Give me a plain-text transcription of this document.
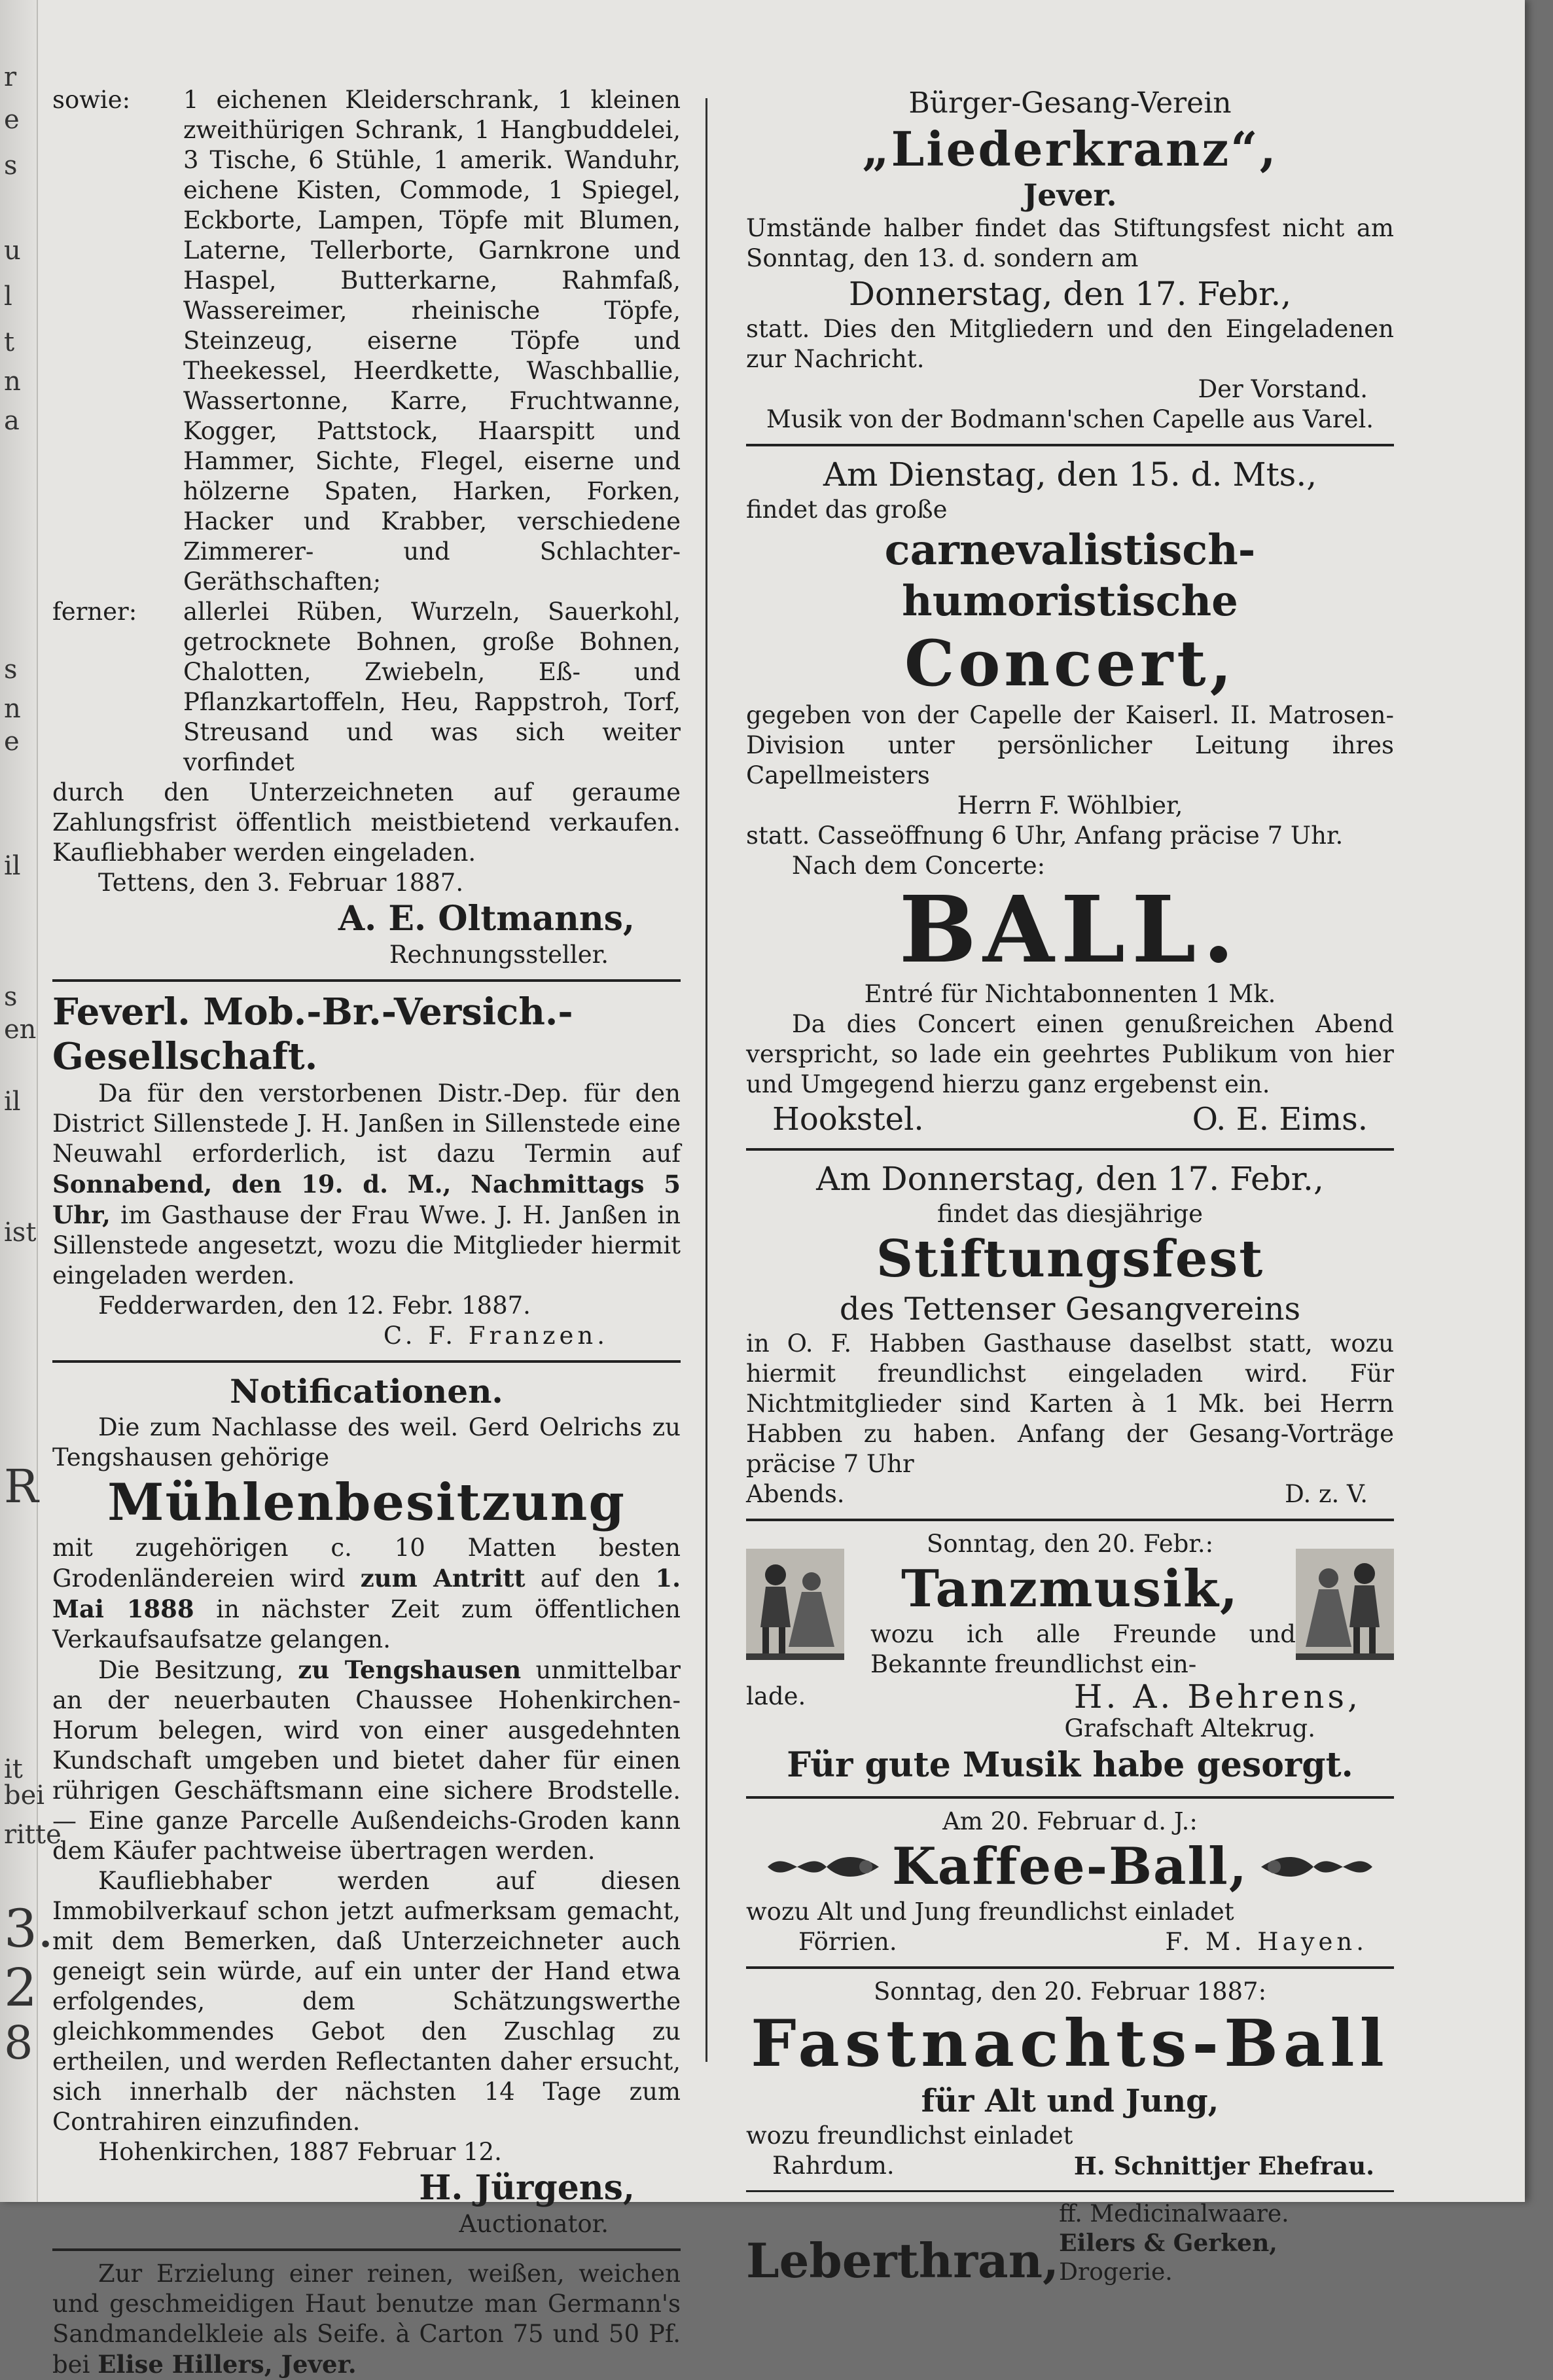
r
e
s
u
l
t
n
a
s
n
e
il
s
en
il
ist
R
it
bei
ritte
3.
2
8
sowie:	1 eichenen Kleiderschrank, 1 kleinen zweithürigen Schrank, 1 Hangbuddelei, 3 Tische, 6 Stühle, 1 amerik. Wanduhr, eichene Kisten, Commode, 1 Spiegel, Eckborte, Lampen, Töpfe mit Blumen, Laterne, Tellerborte, Garnkrone und Haspel, Butterkarne, Rahmfaß, Wassereimer, rheinische Töpfe, Steinzeug, eiserne Töpfe und Theekessel, Heerdkette, Waschballie, Wassertonne, Karre, Fruchtwanne, Kogger, Pattstock, Haarspitt und Hammer, Sichte, Flegel, eiserne und hölzerne Spaten, Harken, Forken, Hacker und Krabber, verschiedene Zimmerer- und Schlachter-Geräthschaften;

ferner:	allerlei Rüben, Wurzeln, Sauerkohl, getrocknete Bohnen, große Bohnen, Chalotten, Zwiebeln, Eß- und Pflanzkartoffeln, Heu, Rappstroh, Torf, Streusand und was sich weiter vorfindet

durch den Unterzeichneten auf geraume Zahlungsfrist öffentlich meistbietend verkaufen. Kaufliebhaber werden eingeladen.

Tettens, den 3. Februar 1887.

A. E. Oltmanns,
Rechnungssteller.
Feverl. Mob.-Br.-Versich.-Gesellschaft.

Da für den verstorbenen Distr.-Dep. für den District Sillenstede J. H. Janßen in Sillenstede eine Neuwahl erforderlich, ist dazu Termin auf Sonnabend, den 19. d. M., Nachmittags 5 Uhr, im Gasthause der Frau Wwe. J. H. Janßen in Sillenstede angesetzt, wozu die Mitglieder hiermit eingeladen werden.

Fedderwarden, den 12. Febr. 1887.

C. F. Franzen.
Notificationen.

Die zum Nachlasse des weil. Gerd Oelrichs zu Tengshausen gehörige

Mühlenbesitzung

mit zugehörigen c. 10 Matten besten Grodenländereien wird zum Antritt auf den 1. Mai 1888 in nächster Zeit zum öffentlichen Verkaufsaufsatze gelangen.

Die Besitzung, zu Tengshausen unmittelbar an der neuerbauten Chaussee Hohenkirchen-Horum belegen, wird von einer ausgedehnten Kundschaft umgeben und bietet daher für einen rührigen Geschäftsmann eine sichere Brodstelle. — Eine ganze Parcelle Außendeichs-Groden kann dem Käufer pachtweise übertragen werden.

Kaufliebhaber werden auf diesen Immobilverkauf schon jetzt aufmerksam gemacht, mit dem Bemerken, daß Unterzeichneter auch geneigt sein würde, auf ein unter der Hand etwa erfolgendes, dem Schätzungswerthe gleichkommendes Gebot den Zuschlag zu ertheilen, und werden Reflectanten daher ersucht, sich innerhalb der nächsten 14 Tage zum Contrahiren einzufinden.

Hohenkirchen, 1887 Februar 12.

H. Jürgens,
Auctionator.

Zur Erzielung einer reinen, weißen, weichen und geschmeidigen Haut benutze man Germann's Sandmandelkleie als Seife. à Carton 75 und 50 Pf. bei Elise Hillers, Jever.

Bürger-Gesang-Verein
„Liederkranz“,
Jever.

Umstände halber findet das Stiftungsfest nicht am Sonntag, den 13. d. sondern am

Donnerstag, den 17. Febr.,

statt. Dies den Mitgliedern und den Eingeladenen zur Nachricht.

Der Vorstand.

Musik von der Bodmann'schen Capelle aus Varel.

Am Dienstag, den 15. d. Mts.,

findet das große

carnevalistisch-humoristische
Concert,

gegeben von der Capelle der Kaiserl. II. Matrosen-Division unter persönlicher Leitung ihres Capellmeisters

Herrn F. Wöhlbier,

statt. Casseöffnung 6 Uhr, Anfang präcise 7 Uhr.

Nach dem Concerte:

BALL.

Entré für Nichtabonnenten 1 Mk.

Da dies Concert einen genußreichen Abend verspricht, so lade ein geehrtes Publikum von hier und Umgegend hierzu ganz ergebenst ein.

Hookstel.	O. E. Eims.
Am Donnerstag, den 17. Febr.,

findet das diesjährige

Stiftungsfest
des Tettenser Gesangvereins

in O. F. Habben Gasthause daselbst statt, wozu hiermit freundlichst eingeladen wird. Für Nichtmitglieder sind Karten à 1 Mk. bei Herrn Habben zu haben. Anfang der Gesang-Vorträge präcise 7 Uhr

Abends.	D. z. V.

Sonntag, den 20. Febr.:

Tanzmusik,

wozu ich alle Freunde und Bekannte freundlichst ein-

lade.	H. A. Behrens,

Grafschaft Altekrug.

Für gute Musik habe gesorgt.

Am 20. Februar d. J.:

Kaffee-Ball,

wozu Alt und Jung freundlichst einladet

Förrien.	F. M. Hayen.

Sonntag, den 20. Februar 1887:

Fastnachts-Ball
für Alt und Jung,

wozu freundlichst einladet

Rahrdum.	H. Schnittjer Ehefrau.
Leberthran,
ff. Medicinalwaare.
Eilers & Gerken, Drogerie.
